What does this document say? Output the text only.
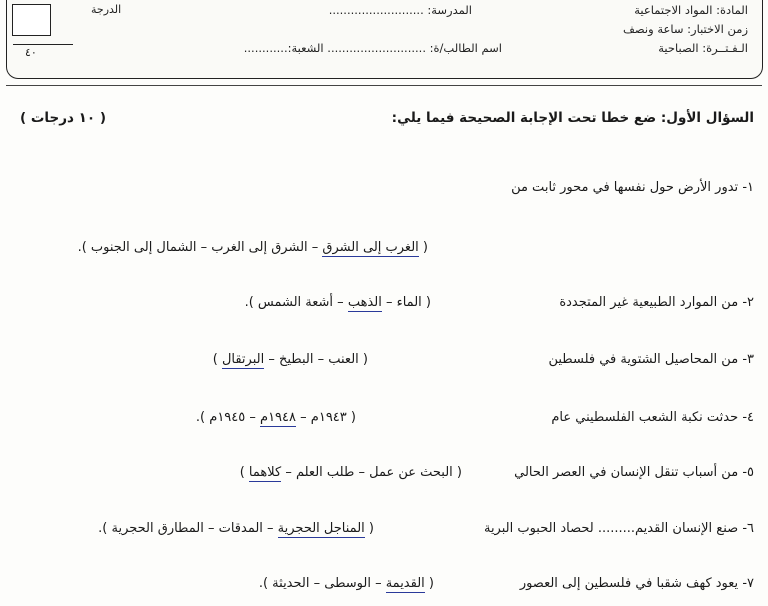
المادة: المواد الاجتماعية
زمن الاختبار: ساعة ونصف
الـفـتــرة: الصباحية
المدرسة: ..........................
اسم الطالب/ة: ........................... الشعبة:............
٤٠
الدرجة
السؤال الأول: ضع خطا تحت الإجابة الصحيحة فيما يلي:
( ١٠ درجات )
١- تدور الأرض حول نفسها في محور ثابت من
( الغرب إلى الشرق – الشرق إلى الغرب – الشمال إلى الجنوب ).
٢- من الموارد الطبيعية غير المتجددة
( الماء – الذهب – أشعة الشمس ).
٣- من المحاصيل الشتوية في فلسطين
( العنب – البطيخ – البرتقال )
٤- حدثت نكبة الشعب الفلسطيني عام
( ١٩٤٣م – ١٩٤٨م – ١٩٤٥م ).
٥- من أسباب تنقل الإنسان في العصر الحالي
( البحث عن عمل – طلب العلم – كلاهما )
٦- صنع الإنسان القديم......... لحصاد الحبوب البرية
( المناجل الحجرية – المدقات – المطارق الحجرية ).
٧- يعود كهف شقبا في فلسطين إلى العصور
( القديمة – الوسطى – الحديثة ).
